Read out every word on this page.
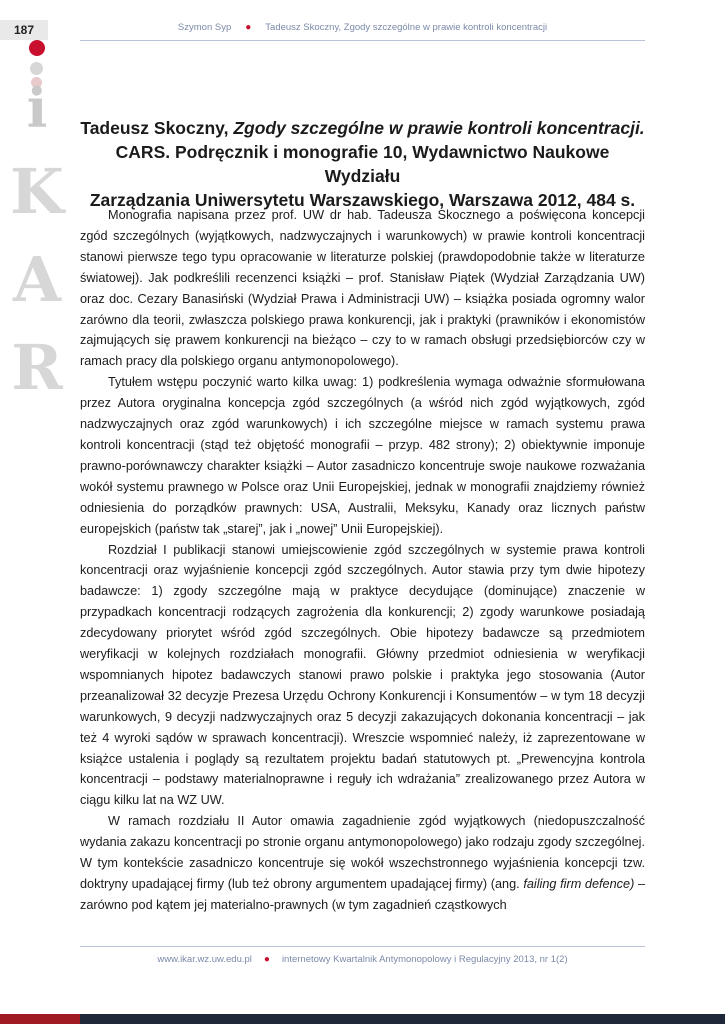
187	Szymon Syp ● Tadeusz Skoczny, Zgody szczególne w prawie kontroli koncentracji
i
K
A
R
Tadeusz Skoczny, Zgody szczególne w prawie kontroli koncentracji.
CARS. Podręcznik i monografie 10, Wydawnictwo Naukowe Wydziału
Zarządzania Uniwersytetu Warszawskiego, Warszawa 2012, 484 s.

Monografia napisana przez prof. UW dr hab. Tadeusza Skocznego a poświęcona koncepcji zgód szczególnych (wyjątkowych, nadzwyczajnych i warunkowych) w prawie kontroli koncentracji stanowi pierwsze tego typu opracowanie w literaturze polskiej (prawdopodobnie także w literaturze światowej). Jak podkreślili recenzenci książki – prof. Stanisław Piątek (Wydział Zarządzania UW) oraz doc. Cezary Banasiński (Wydział Prawa i Administracji UW) – książka posiada ogromny walor zarówno dla teorii, zwłaszcza polskiego prawa konkurencji, jak i praktyki (prawników i ekonomistów zajmujących się prawem konkurencji na bieżąco – czy to w ramach obsługi przedsiębiorców czy w ramach pracy dla polskiego organu antymonopolowego).

Tytułem wstępu poczynić warto kilka uwag: 1) podkreślenia wymaga odważnie sformułowana przez Autora oryginalna koncepcja zgód szczególnych (a wśród nich zgód wyjątkowych, zgód nadzwyczajnych oraz zgód warunkowych) i ich szczególne miejsce w ramach systemu prawa kontroli koncentracji (stąd też objętość monografii – przyp. 482 strony); 2) obiektywnie imponuje prawno-porównawczy charakter książki – Autor zasadniczo koncentruje swoje naukowe rozważania wokół systemu prawnego w Polsce oraz Unii Europejskiej, jednak w monografii znajdziemy również odniesienia do porządków prawnych: USA, Australii, Meksyku, Kanady oraz licznych państw europejskich (państw tak „starej”, jak i „nowej” Unii Europejskiej).

Rozdział I publikacji stanowi umiejscowienie zgód szczególnych w systemie prawa kontroli koncentracji oraz wyjaśnienie koncepcji zgód szczególnych. Autor stawia przy tym dwie hipotezy badawcze: 1) zgody szczególne mają w praktyce decydujące (dominujące) znaczenie w przypadkach koncentracji rodzących zagrożenia dla konkurencji; 2) zgody warunkowe posiadają zdecydowany priorytet wśród zgód szczególnych. Obie hipotezy badawcze są przedmiotem weryfikacji w kolejnych rozdziałach monografii. Główny przedmiot odniesienia w weryfikacji wspomnianych hipotez badawczych stanowi prawo polskie i praktyka jego stosowania (Autor przeanalizował 32 decyzje Prezesa Urzędu Ochrony Konkurencji i Konsumentów – w tym 18 decyzji warunkowych, 9 decyzji nadzwyczajnych oraz 5 decyzji zakazujących dokonania koncentracji – jak też 4 wyroki sądów w sprawach koncentracji). Wreszcie wspomnieć należy, iż zaprezentowane w książce ustalenia i poglądy są rezultatem projektu badań statutowych pt. „Prewencyjna kontrola koncentracji – podstawy materialnoprawne i reguły ich wdrażania” zrealizowanego przez Autora w ciągu kilku lat na WZ UW.

W ramach rozdziału II Autor omawia zagadnienie zgód wyjątkowych (niedopuszczalność wydania zakazu koncentracji po stronie organu antymonopolowego) jako rodzaju zgody szczególnej. W tym kontekście zasadniczo koncentruje się wokół wszechstronnego wyjaśnienia koncepcji tzw. doktryny upadającej firmy (lub też obrony argumentem upadającej firmy) (ang. failing firm defence) – zarówno pod kątem jej materialno-prawnych (w tym zagadnień cząstkowych

www.ikar.wz.uw.edu.pl ● internetowy Kwartalnik Antymonopolowy i Regulacyjny 2013, nr 1(2)
